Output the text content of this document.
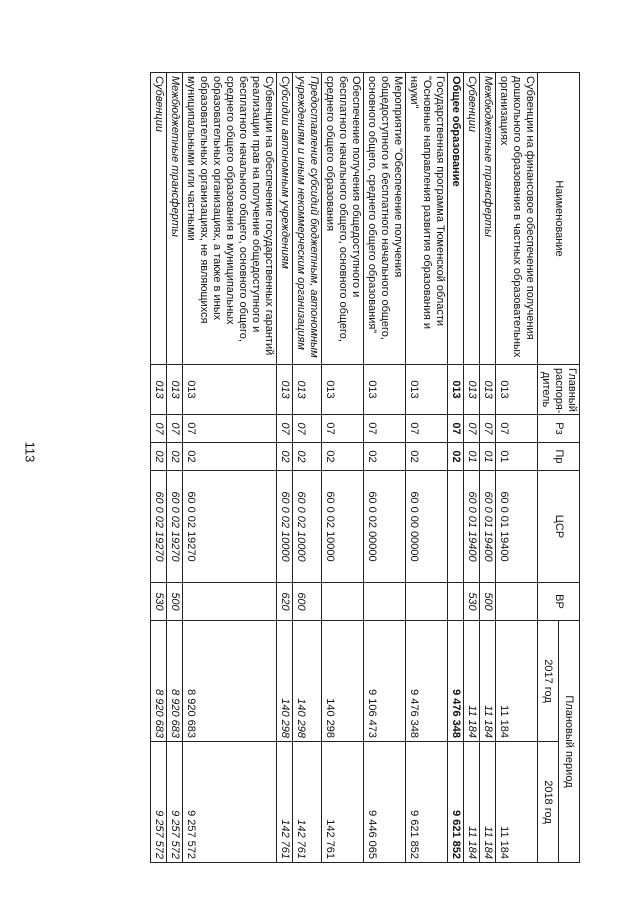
113
Наименование	Главный распоря-дитель	Рз	Пр	ЦСР	ВР	Плановый период	
						2017 год	2018 год
Субвенции на финансовое обеспечение получения дошкольного образования в частных образовательных организациях	013	07	01	60 0 01 19400		11 184	11 184
Межбюджетные трансферты	013	07	01	60 0 01 19400	500	11 184	11 184
Субвенции	013	07	01	60 0 01 19400	530	11 184	11 184
Общее образование	013	07	02			9 476 348	9 621 852
Государственная программа Тюменской области "Основные направления развития образования и науки"	013	07	02	60 0 00 00000		9 476 348	9 621 852
Мероприятие "Обеспечение получения общедоступного и бесплатного начального общего, основного общего, среднего общего образования"	013	07	02	60 0 02 00000		9 106 473	9 446 065
Обеспечение получения общедоступного и бесплатного начального общего, основного общего, среднего общего образования	013	07	02	60 0 02 10000		140 298	142 761
Предоставление субсидий бюджетным, автономным учреждениям и иным некоммерческим организациям	013	07	02	60 0 02 10000	600	140 298	142 761
Субсидии автономным учреждениям	013	07	02	60 0 02 10000	620	140 298	142 761
Субвенции на обеспечение государственных гарантий реализации прав на получение общедоступного и бесплатного начального общего, основного общего, среднего общего образования в муниципальных образовательных организациях, а также в иных образовательных организациях, не являющихся муниципальными или частными	013	07	02	60 0 02 19270		8 920 683	9 257 572
Межбюджетные трансферты	013	07	02	60 0 02 19270	500	8 920 683	9 257 572
Субвенции	013	07	02	60 0 02 19270	530	8 920 683	9 257 572
